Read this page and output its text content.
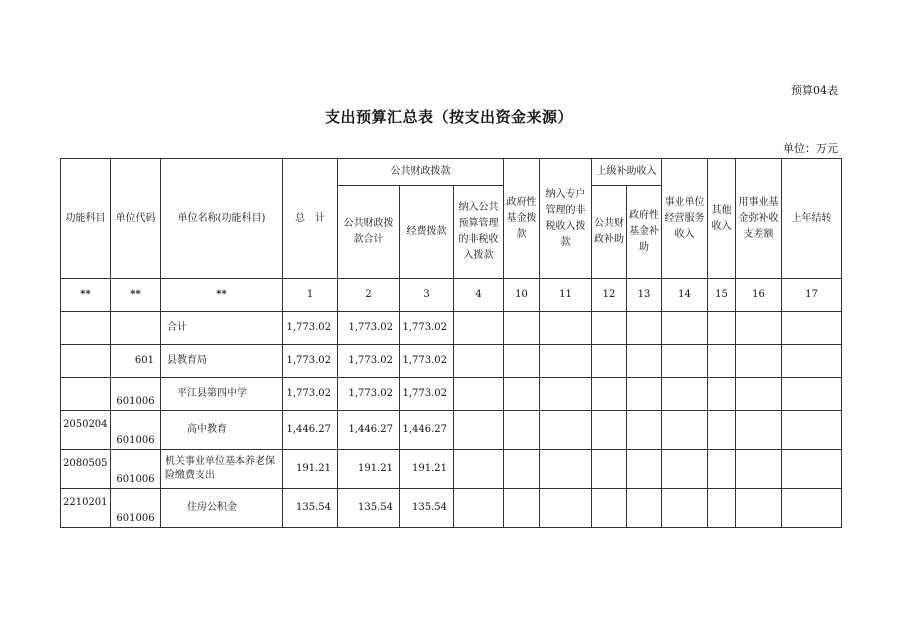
预算04表
支出预算汇总表（按支出资金来源）
单位：万元
功能科目	单位代码	单位名称(功能科目)	总　计	公共财政拨款			政府性基金拨款	纳入专户管理的非税收入拨款	上级补助收入		事业单位经营服务收入	其他收入	用事业基金弥补收支差额	上年结转
				公共财政拨款合计	经费拨款	纳入公共预算管理的非税收入拨款			公共财政补助	政府性基金补助				
**	**	**	1	2	3	4	10	11	12	13	14	15	16	17
		合计	1,773.02	1,773.02	1,773.02									
	601	县教育局	1,773.02	1,773.02	1,773.02									
	601006	平江县第四中学	1,773.02	1,773.02	1,773.02									
2050204	601006	高中教育	1,446.27	1,446.27	1,446.27									
2080505	601006	机关事业单位基本养老保险缴费支出	191.21	191.21	191.21									
2210201	601006	住房公积金	135.54	135.54	135.54									
